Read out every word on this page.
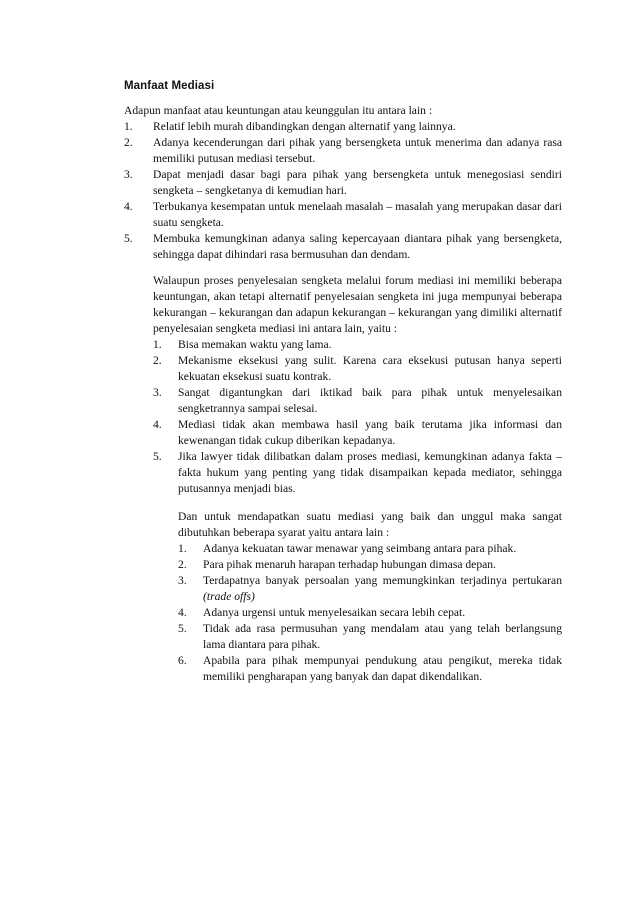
Manfaat Mediasi

Adapun manfaat atau keuntungan atau keunggulan itu antara lain :

1. Relatif lebih murah dibandingkan dengan alternatif yang lainnya.
2. Adanya kecenderungan dari pihak yang bersengketa untuk menerima dan adanya rasa memiliki putusan mediasi tersebut.
3. Dapat menjadi dasar bagi para pihak yang bersengketa untuk menegosiasi sendiri sengketa – sengketanya di kemudian hari.
4. Terbukanya kesempatan untuk menelaah masalah – masalah yang merupakan dasar dari suatu sengketa.
5. Membuka kemungkinan adanya saling kepercayaan diantara pihak yang bersengketa, sehingga dapat dihindari rasa bermusuhan dan dendam.

Walaupun proses penyelesaian sengketa melalui forum mediasi ini memiliki beberapa keuntungan, akan tetapi alternatif penyelesaian sengketa ini juga mempunyai beberapa kekurangan – kekurangan dan adapun kekurangan – kekurangan yang dimiliki alternatif penyelesaian sengketa mediasi ini antara lain, yaitu :

1. Bisa memakan waktu yang lama.
2. Mekanisme eksekusi yang sulit. Karena cara eksekusi putusan hanya seperti kekuatan eksekusi suatu kontrak.
3. Sangat digantungkan dari iktikad baik para pihak untuk menyelesaikan sengketrannya sampai selesai.
4. Mediasi tidak akan membawa hasil yang baik terutama jika informasi dan kewenangan tidak cukup diberikan kepadanya.
5. Jika lawyer tidak dilibatkan dalam proses mediasi, kemungkinan adanya fakta – fakta hukum yang penting yang tidak disampaikan kepada mediator, sehingga putusannya menjadi bias.

Dan untuk mendapatkan suatu mediasi yang baik dan unggul maka sangat dibutuhkan beberapa syarat yaitu antara lain :

1. Adanya kekuatan tawar menawar yang seimbang antara para pihak.
2. Para pihak menaruh harapan terhadap hubungan dimasa depan.
3. Terdapatnya banyak persoalan yang memungkinkan terjadinya pertukaran (trade offs)
4. Adanya urgensi untuk menyelesaikan secara lebih cepat.
5. Tidak ada rasa permusuhan yang mendalam atau yang telah berlangsung lama diantara para pihak.
6. Apabila para pihak mempunyai pendukung atau pengikut, mereka tidak memiliki pengharapan yang banyak dan dapat dikendalikan.
